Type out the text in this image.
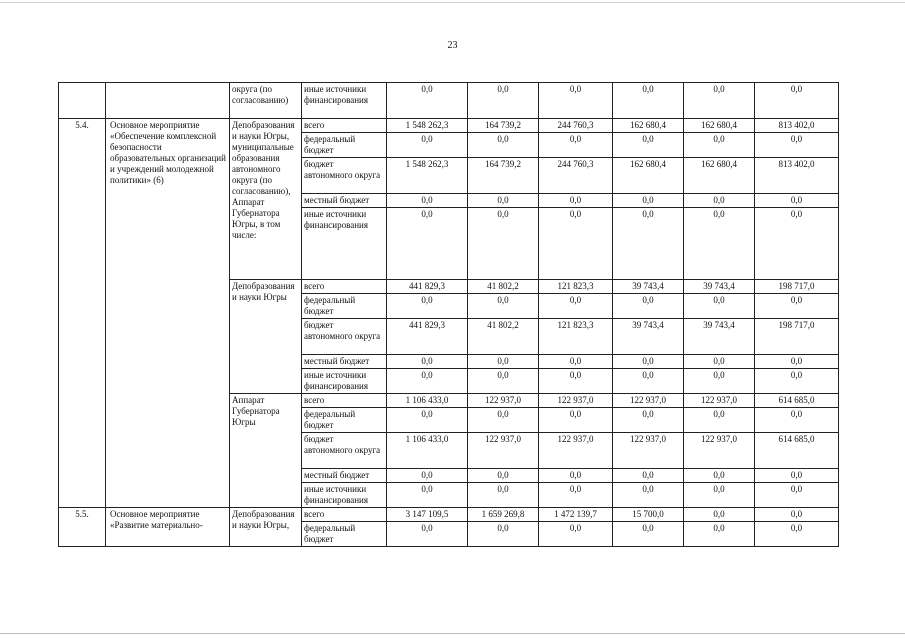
23
		округа (по согласованию)	иные источники финансирования	0,0	0,0	0,0	0,0	0,0	0,0
5.4.	Основное мероприятие «Обеспечение комплексной безопасности образовательных организаций и учреждений молодежной политики» (6)	Депобразования и науки Югры, муниципальные образования автономного округа (по согласованию), Аппарат Губернатора Югры, в том числе:	всего	1 548 262,3	164 739,2	244 760,3	162 680,4	162 680,4	813 402,0
			федеральный бюджет	0,0	0,0	0,0	0,0	0,0	0,0
			бюджет автономного округа	1 548 262,3	164 739,2	244 760,3	162 680,4	162 680,4	813 402,0
			местный бюджет	0,0	0,0	0,0	0,0	0,0	0,0
			иные источники финансирования	0,0	0,0	0,0	0,0	0,0	0,0
		Депобразования и науки Югры	всего	441 829,3	41 802,2	121 823,3	39 743,4	39 743,4	198 717,0
			федеральный бюджет	0,0	0,0	0,0	0,0	0,0	0,0
			бюджет автономного округа	441 829,3	41 802,2	121 823,3	39 743,4	39 743,4	198 717,0
			местный бюджет	0,0	0,0	0,0	0,0	0,0	0,0
			иные источники финансирования	0,0	0,0	0,0	0,0	0,0	0,0
		Аппарат Губернатора Югры	всего	1 106 433,0	122 937,0	122 937,0	122 937,0	122 937,0	614 685,0
			федеральный бюджет	0,0	0,0	0,0	0,0	0,0	0,0
			бюджет автономного округа	1 106 433,0	122 937,0	122 937,0	122 937,0	122 937,0	614 685,0
			местный бюджет	0,0	0,0	0,0	0,0	0,0	0,0
			иные источники финансирования	0,0	0,0	0,0	0,0	0,0	0,0
5.5.	Основное мероприятие «Развитие материально-	Депобразования и науки Югры,	всего	3 147 109,5	1 659 269,8	1 472 139,7	15 700,0	0,0	0,0
			федеральный бюджет	0,0	0,0	0,0	0,0	0,0	0,0
